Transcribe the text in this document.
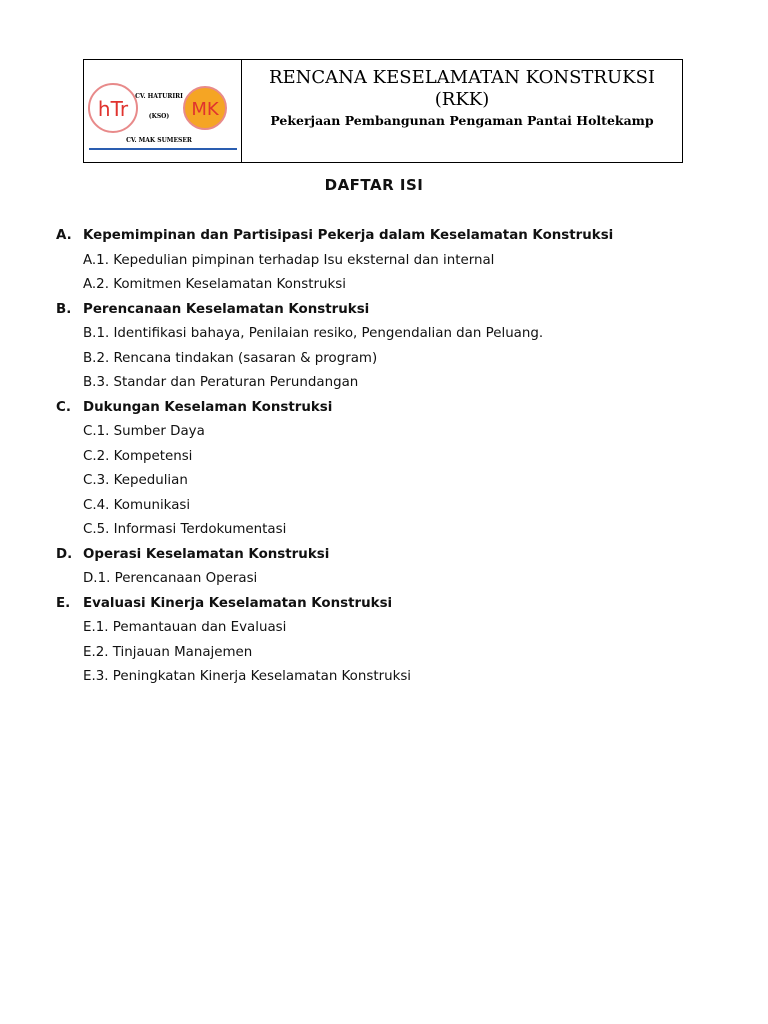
hTr	MK
CV. HATURIRI
(KSO)
CV. MAK SUMESER
RENCANA KESELAMATAN KONSTRUKSI
(RKK)
Pekerjaan Pembangunan Pengaman Pantai Holtekamp
DAFTAR ISI
A. Kepemimpinan dan Partisipasi Pekerja dalam Keselamatan Konstruksi
A.1. Kepedulian pimpinan terhadap Isu eksternal dan internal
A.2. Komitmen Keselamatan Konstruksi
B. Perencanaan Keselamatan Konstruksi
B.1. Identifikasi bahaya, Penilaian resiko, Pengendalian dan Peluang.
B.2. Rencana tindakan (sasaran & program)
B.3. Standar dan Peraturan Perundangan
C. Dukungan Keselaman Konstruksi
C.1. Sumber Daya
C.2. Kompetensi
C.3. Kepedulian
C.4. Komunikasi
C.5. Informasi Terdokumentasi
D. Operasi Keselamatan Konstruksi
D.1. Perencanaan Operasi
E. Evaluasi Kinerja Keselamatan Konstruksi
E.1. Pemantauan dan Evaluasi
E.2. Tinjauan Manajemen
E.3. Peningkatan Kinerja Keselamatan Konstruksi
